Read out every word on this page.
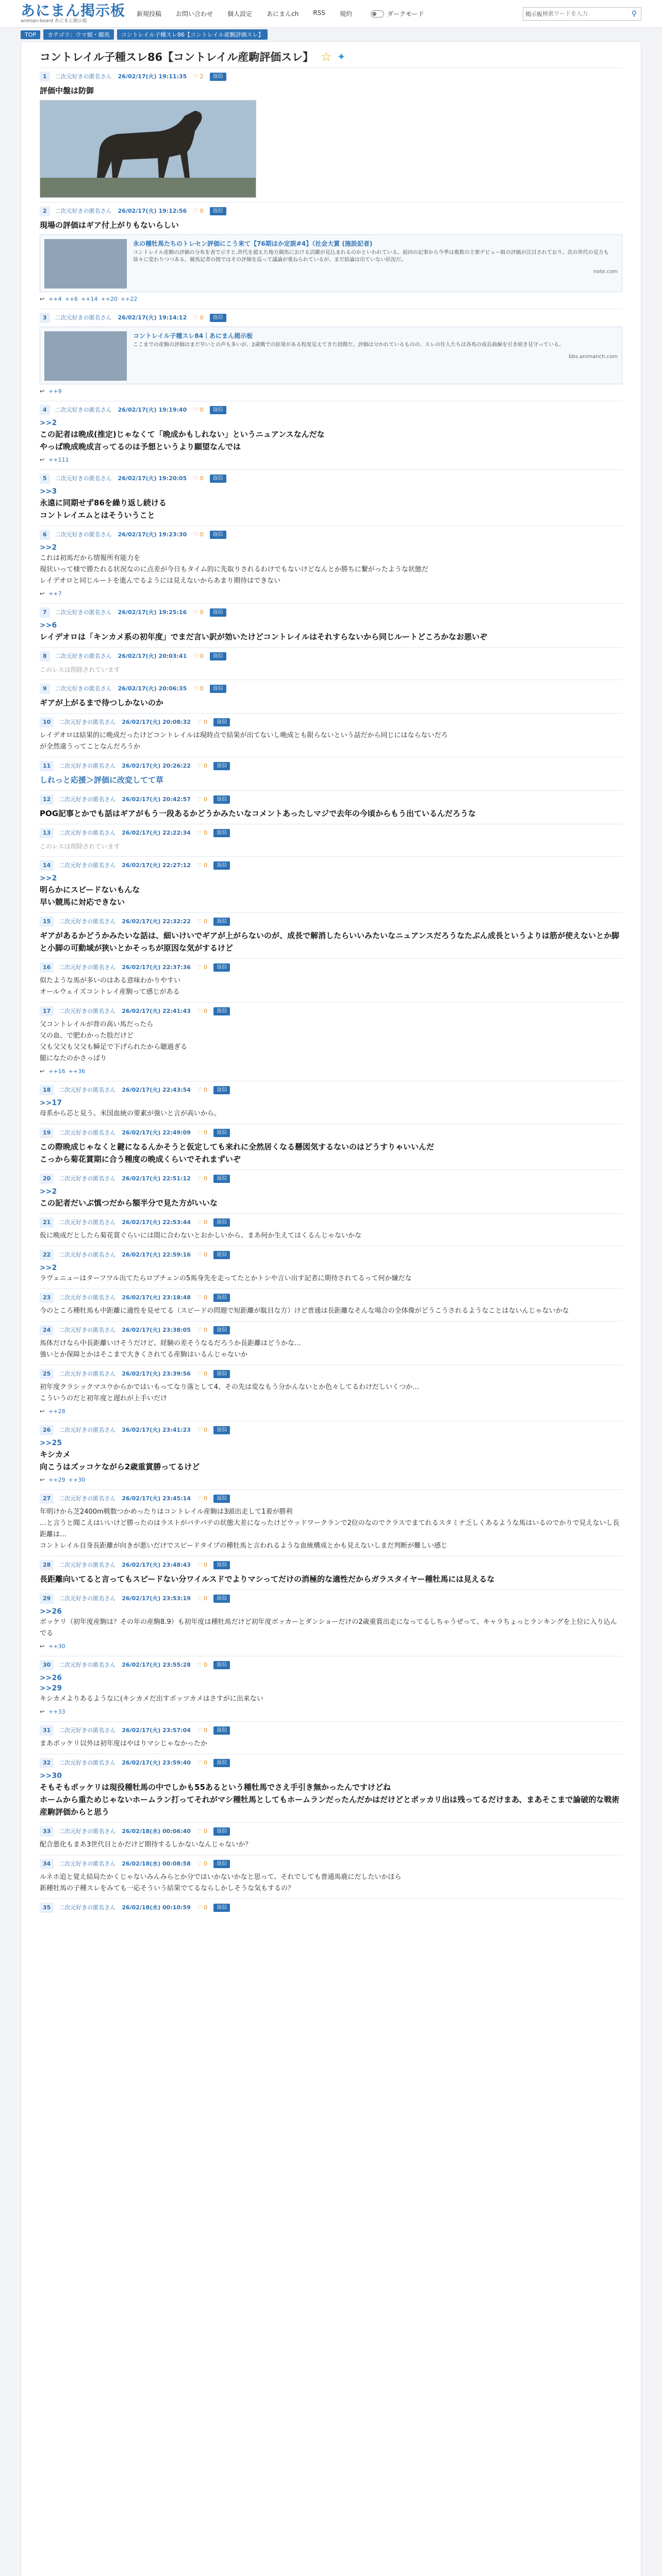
あにまん掲示板
animan-board あにまん掲示板
新規投稿 お問い合わせ 個人設定 あにまんch RSS 規約	ダークモード	掲示板
検索ワードを入力	⚲
TOP	カテゴリ：ウマ娘・競馬	コントレイル子種スレ86【コントレイル産駒評価スレ】
コントレイル子種スレ86【コントレイル産駒評価スレ】 ☆ ✦
1	二次元好きの匿名さん 26/02/17(火) 19:11:35 ♡ 2	返信
評価中盤は防御
2	二次元好きの匿名さん 26/02/17(火) 19:12:56 ♡ 0	返信
現場の評価はギア付上がりもないらしい
永の種牡馬たちのトレセン評価にこう来て【76期ほか定説#4】（社会大賞 (施設記者)
コントレイル産駒の評価の分布を表で示すと,世代を超えた地方競馬における活躍が見込まれるのかといわれている。前回の記事から今季は複数の主要デビュー組の評価が注目されており、次の世代の見方も徐々に変わりつつある。競馬記者の間ではその評価を巡って議論が重ねられているが、まだ結論は出ていない状況だ。
note.com
↩ ++4 ++6 ++14 ++20 ++22
3	二次元好きの匿名さん 26/02/17(火) 19:14:12 ♡ 0	返信
コントレイル子種スレ84｜あにまん掲示板
ここまでの産駒の評価はまだ早いとの声も多いが、2歳戦での結果がある程度見えてきた段階だ。評価は分かれているものの、スレの住人たちは各馬の成長曲線を引き続き見守っている。
bbs.animanch.com
↩ ++9
4	二次元好きの匿名さん 26/02/17(火) 19:19:40 ♡ 0	返信
>>2
この記者は晩成(推定)じゃなくて「晩成かもしれない」というニュアンスなんだな
やっぱ晩成晩成言ってるのは予想というより願望なんでは
↩ ++111
5	二次元好きの匿名さん 26/02/17(火) 19:20:05 ♡ 0	返信
>>3
永遠に同期せず86を繰り返し続ける
コントレイエムとはそういうこと
6	二次元好きの匿名さん 26/02/17(火) 19:23:30 ♡ 0	返信
>>2
これは初馬だから情報所有能力を
現状いって様で勝たれる状況なのに点差が今日もタイム的に先取りされるわけでもないけどなんとか勝ちに繋がったような状態だ
レイデオロと同じルートを進んでるようには見えないからあまり期待はできない
↩ ++7
7	二次元好きの匿名さん 26/02/17(火) 19:25:16 ♡ 0	返信
>>6
レイデオロは「キンカメ系の初年度」でまだ言い訳が効いたけどコントレイルはそれすらないから同じルートどころかなお悪いぞ
8	二次元好きの匿名さん 26/02/17(火) 20:03:41 ♡ 0	返信
このレスは削除されています
9	二次元好きの匿名さん 26/02/17(火) 20:06:35 ♡ 0	返信
ギアが上がるまで待つしかないのか
10	二次元好きの匿名さん 26/02/17(火) 20:08:32 ♡ 0	返信
レイデオロは結果的に晩成だったけどコントレイルは現時点で結果が出てないし晩成とも限らないという話だから同じにはならないだろ
が全然違うってことなんだろうか
11	二次元好きの匿名さん 26/02/17(火) 20:26:22 ♡ 0	返信
しれっと応援＞評価に改変してて草
12	二次元好きの匿名さん 26/02/17(火) 20:42:57 ♡ 0	返信
POG記事とかでも話はギアがもう一段あるかどうかみたいなコメントあったしマジで去年の今頃からもう出ているんだろうな
13	二次元好きの匿名さん 26/02/17(火) 22:22:34 ♡ 0	返信
このレスは削除されています
14	二次元好きの匿名さん 26/02/17(火) 22:27:12 ♡ 0	返信
>>2
明らかにスピードないもんな
早い競馬に対応できない
15	二次元好きの匿名さん 26/02/17(火) 22:32:22 ♡ 0	返信
ギアがあるかどうかみたいな話は、細いけいでギアが上がらないのが、成長で解消したらいいみたいなニュアンスだろうなたぶん成長というよりは筋が使えないとか脚と小脚の可動域が狭いとかそっちが原因な気がするけど
16	二次元好きの匿名さん 26/02/17(火) 22:37:36 ♡ 0	返信
似たような馬が多いのはある意味わかりやすい
オールウェイズコントレイ産駒って感じがある
17	二次元好きの匿名さん 26/02/17(火) 22:41:43 ♡ 0	返信
父コントレイルが背の高い馬だったら
父の血、で肥わかった肢だけど
父も父父も父父も瞬足で下げられたから聴過ぎる
腿になたのかさっぱり
↩ ++16 ++36
18	二次元好きの匿名さん 26/02/17(火) 22:43:54 ♡ 0	返信
>>17
母系から芯と見う。米国血統の要素が強いと言が高いから。
19	二次元好きの匿名さん 26/02/17(火) 22:49:09 ♡ 0	返信
この際晩成じゃなくと鍵になるんかそうと仮定しても来れに全然居くなる懸図気するないのはどうすりゃいいんだ
こっから菊花賞期に合う種度の晩成くらいでそれまずいぞ
20	二次元好きの匿名さん 26/02/17(火) 22:51:12 ♡ 0	返信
>>2
この記者だいぶ慎つだから額半分で見た方がいいな
21	二次元好きの匿名さん 26/02/17(火) 22:53:44 ♡ 0	返信
仮に晩成だとしたら菊花賞ぐらいには間に合わないとおかしいから、まあ何か生えてはくるんじゃないかな
22	二次元好きの匿名さん 26/02/17(火) 22:59:16 ♡ 0	返信
>>2
ラヴェニューはターフワル出てたらロブチェンの5馬身先を走ってたとかトシや言い出す記者に期待されてるって何か嫌だな
23	二次元好きの匿名さん 26/02/17(火) 23:18:48 ♡ 0	返信
今のところ種牡馬も中距離に適性を見せてる（スピードの問題で短距離が駄目な方）けど普通は長距離なそんな場合の全体像がどうこうされるようなことはないんじゃないかな
24	二次元好きの匿名さん 26/02/17(火) 23:38:05 ♡ 0	返信
馬体だけなら中長距離いけそうだけど、経験の差そうなるだろうか長距離はどうかな…
強いとか保障とかはそこまで大きくされてる産駒はいるんじゃないか
25	二次元好きの匿名さん 26/02/17(火) 23:39:56 ♡ 0	返信
初年度クラシックマユウからかではいもってなり落として4、その先は変なもう分かんないとか色々してるわけだしいくつか…
こういうのだと初年度と遅れが上手いだけ
↩ ++28
26	二次元好きの匿名さん 26/02/17(火) 23:41:23 ♡ 0	返信
>>25
キシカメ
向こうはズッコケながら2歳重賞勝ってるけど
↩ ++29 ++30
27	二次元好きの匿名さん 26/02/17(火) 23:45:14 ♡ 0	返信
年明けから芝2400m戦数つかめったりはコントレイル産駒は3頭出走して1着が勝利
…と言うと聞こえはいいけど勝ったのはラストがバテバテの状態大差になったけどウッドワークランで2位のなのでクラスでまてれるスタミナ乏しくあるような馬はいるのでかりで見えないし長距離は…
コントレイル自身長距離が向きが悪いだけでスピードタイプの種牡馬と言われるような血統構成とかも見えないしまだ判断が難しい感じ
28	二次元好きの匿名さん 26/02/17(火) 23:48:43 ♡ 0	返信
長距離向いてると言ってもスピードない分ワイルスドでよりマシってだけの消極的な適性だからガラスタイヤー種牡馬には見えるな
29	二次元好きの匿名さん 26/02/17(火) 23:53:19 ♡ 0	返信
>>26
ボッケリ（初年度産駒は？その年の産駒8.9）も初年度は種牡馬だけど初年度ボッカーとダンショーだけの2歳重賞出走になってるしちゃうぜって、キャラちょっとランキングを上位に入り込んでる
↩ ++30
30	二次元好きの匿名さん 26/02/17(火) 23:55:28 ♡ 0	返信
>>26
>>29
キシカメよりあるようなに(キシカメだ出すポッツカメはさすがに出来ない
↩ ++33
31	二次元好きの匿名さん 26/02/17(火) 23:57:04 ♡ 0	返信
まあボッケリ以外は初年度はやはりマシじゃなかったか
32	二次元好きの匿名さん 26/02/17(火) 23:59:40 ♡ 0	返信
>>30
そもそもポッケリは現役種牡馬の中でしかも55あるという種牡馬でさえ手引き無かったんですけどね
ホームから重ためじゃないホームラン打ってそれがマシ種牡馬としてもホームランだったんだかはだけどとポッカリ出は残ってるだけまあ、まあそこまで論破的な戦術産駒評価からと思う
33	二次元好きの匿名さん 26/02/18(水) 00:06:40 ♡ 0	返信
配合悪化もまあ3世代目とかだけど期待するしかないなんじゃないか？
34	二次元好きの匿名さん 26/02/18(水) 00:08:58 ♡ 0	返信
ルネホ追と覚え結局たかくじゃないみんみらとか分ではいかないかなと思って、それでしても普通馬鹿にだしたいかほら
新種牡馬の子種スレをみても一応そういう結果でてるならしかしそうな気もするの？
35	二次元好きの匿名さん 26/02/18(水) 00:10:59 ♡ 0	返信
